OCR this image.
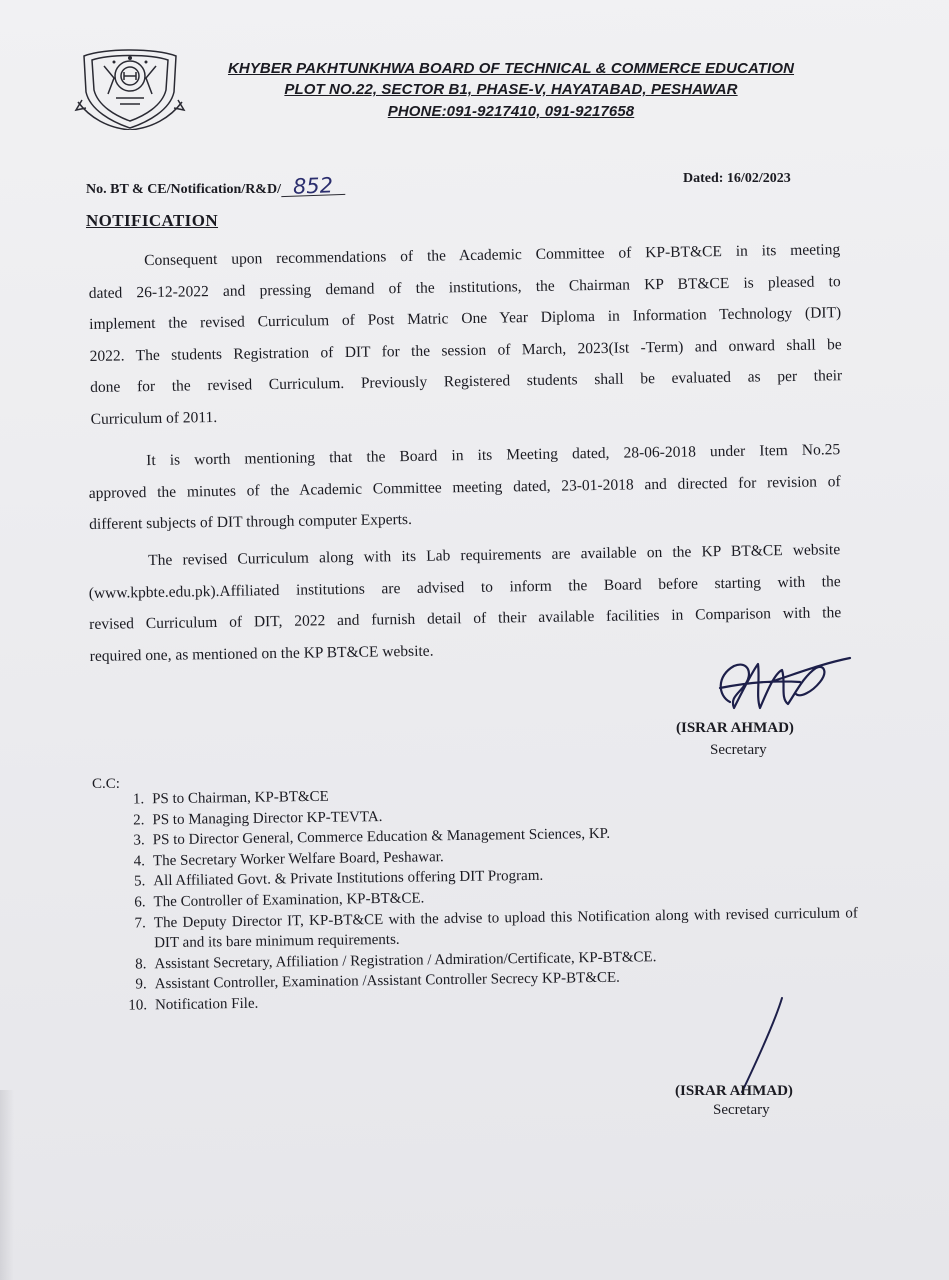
KHYBER PAKHTUNKHWA BOARD OF TECHNICAL & COMMERCE EDUCATION
PLOT NO.22, SECTOR B1, PHASE-V, HAYATABAD, PESHAWAR
PHONE:091-9217410, 091-9217658
No. BT & CE/Notification/R&D/ 852	Dated: 16/02/2023
NOTIFICATION
Consequent upon recommendations of the Academic Committee of KP-BT&CE in its meeting
dated 26-12-2022 and pressing demand of the institutions, the Chairman KP BT&CE is pleased to
implement the revised Curriculum of Post Matric One Year Diploma in Information Technology (DIT)
2022. The students Registration of DIT for the session of March, 2023(Ist -Term) and onward shall be
done for the revised Curriculum. Previously Registered students shall be evaluated as per their
Curriculum of 2011.
It is worth mentioning that the Board in its Meeting dated, 28-06-2018 under Item No.25
approved the minutes of the Academic Committee meeting dated, 23-01-2018 and directed for revision of
different subjects of DIT through computer Experts.
The revised Curriculum along with its Lab requirements are available on the KP BT&CE website
(www.kpbte.edu.pk).Affiliated institutions are advised to inform the Board before starting with the
revised Curriculum of DIT, 2022 and furnish detail of their available facilities in Comparison with the
required one, as mentioned on the KP BT&CE website.
(ISRAR AHMAD)
Secretary
C.C:
1. PS to Chairman, KP-BT&CE
2. PS to Managing Director KP-TEVTA.
3. PS to Director General, Commerce Education & Management Sciences, KP.
4. The Secretary Worker Welfare Board, Peshawar.
5. All Affiliated Govt. & Private Institutions offering DIT Program.
6. The Controller of Examination, KP-BT&CE.
7. The Deputy Director IT, KP-BT&CE with the advise to upload this Notification along with revised curriculum of DIT and its bare minimum requirements.
8. Assistant Secretary, Affiliation / Registration / Admiration/Certificate, KP-BT&CE.
9. Assistant Controller, Examination /Assistant Controller Secrecy KP-BT&CE.
10. Notification File.
(ISRAR AHMAD)
Secretary
